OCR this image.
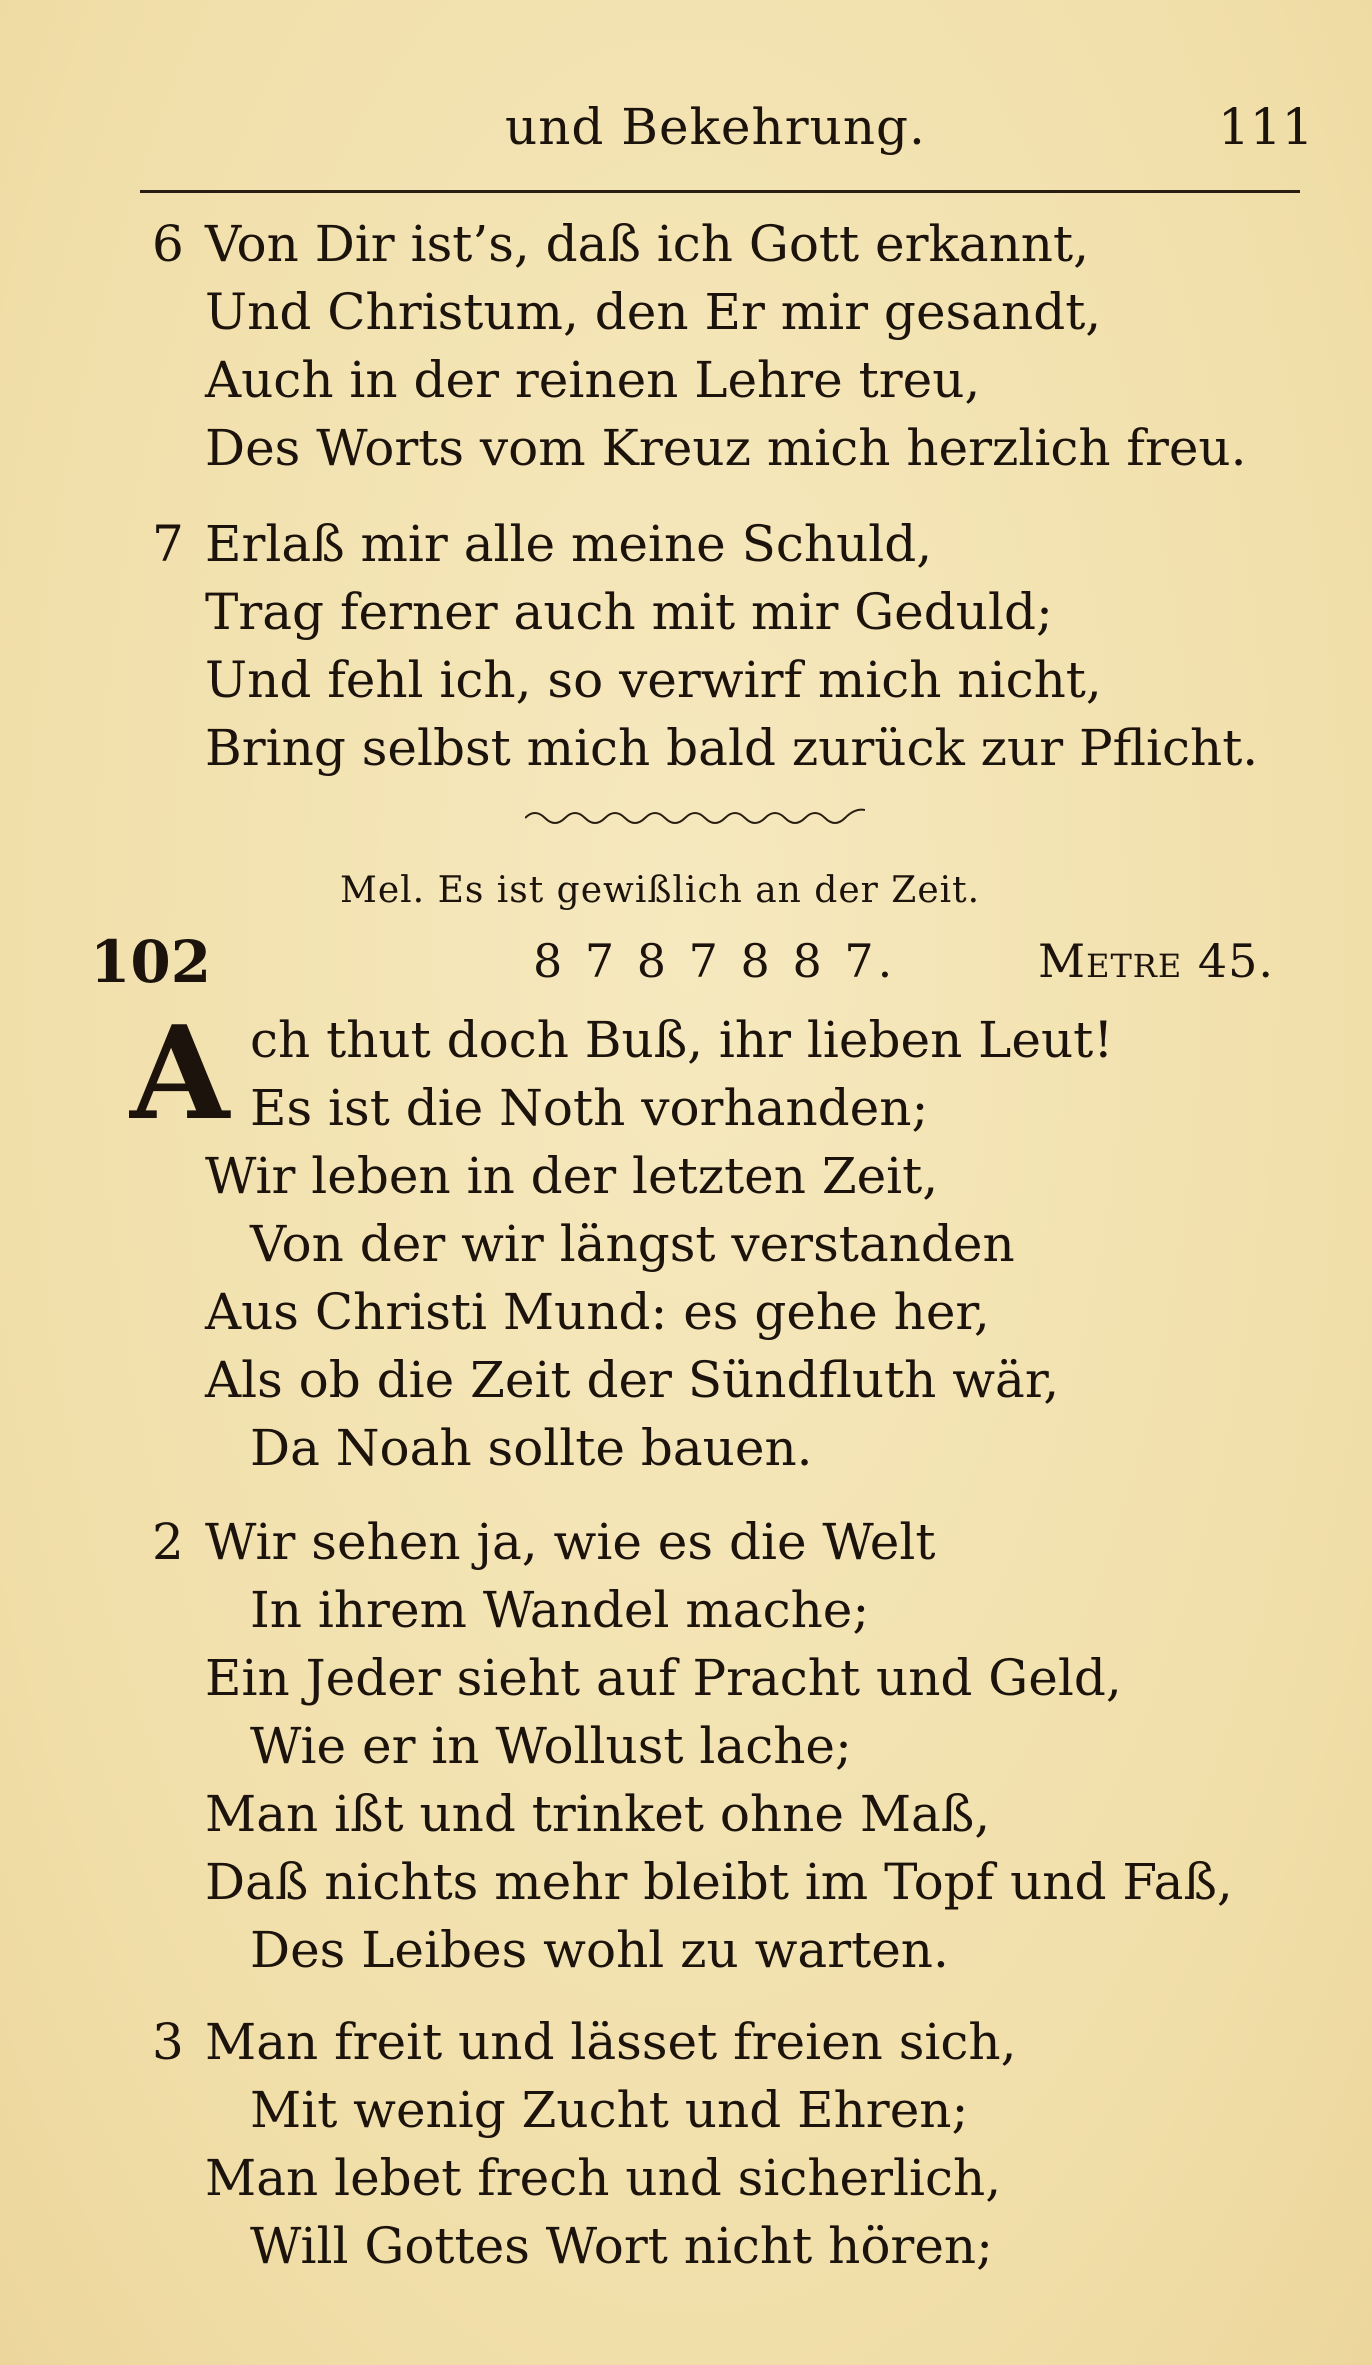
und Bekehrung.	111
6 Von Dir ist’s, daß ich Gott erkannt,
Und Christum, den Er mir gesandt,
Auch in der reinen Lehre treu,
Des Worts vom Kreuz mich herzlich freu.
7 Erlaß mir alle meine Schuld,
Trag ferner auch mit mir Geduld;
Und fehl ich, so verwirf mich nicht,
Bring selbst mich bald zurück zur Pflicht.
Mel. Es ist gewißlich an der Zeit.
102	8 7 8 7 8 8 7.	Metre 45.
A ch thut doch Buß, ihr lieben Leut!
Es ist die Noth vorhanden;
Wir leben in der letzten Zeit,
Von der wir längst verstanden
Aus Christi Mund: es gehe her,
Als ob die Zeit der Sündfluth wär,
Da Noah sollte bauen.
2 Wir sehen ja, wie es die Welt
In ihrem Wandel mache;
Ein Jeder sieht auf Pracht und Geld,
Wie er in Wollust lache;
Man ißt und trinket ohne Maß,
Daß nichts mehr bleibt im Topf und Faß,
Des Leibes wohl zu warten.
3 Man freit und lässet freien sich,
Mit wenig Zucht und Ehren;
Man lebet frech und sicherlich,
Will Gottes Wort nicht hören;
